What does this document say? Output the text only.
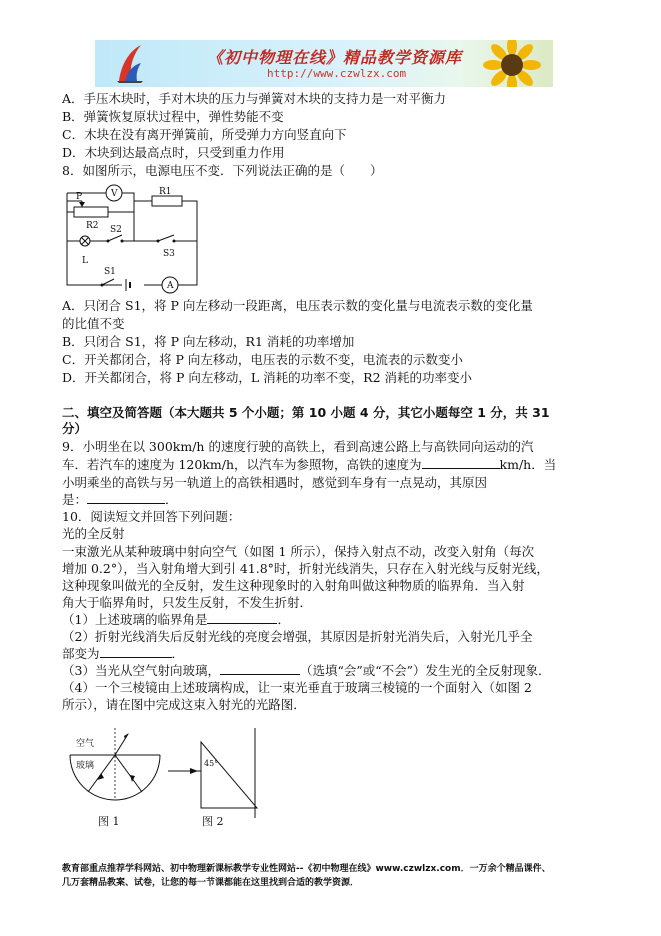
《初中物理在线》精品教学资源库
http://www.czwlzx.com
A．手压木块时，手对木块的压力与弹簧对木块的支持力是一对平衡力
B．弹簧恢复原状过程中，弹性势能不变
C．木块在没有离开弹簧前，所受弹力方向竖直向下
D．木块到达最高点时，只受到重力作用
8．如图所示，电源电压不变．下列说法正确的是（　　）
V
A
P	R1
R2 S2
S3
L
S1
A．只闭合 S1，将 P 向左移动一段距离，电压表示数的变化量与电流表示数的变化量
的比值不变
B．只闭合 S1，将 P 向左移动，R1 消耗的功率增加
C．开关都闭合，将 P 向左移动，电压表的示数不变，电流表的示数变小
D．开关都闭合，将 P 向左移动，L 消耗的功率不变，R2 消耗的功率变小
二、填空及简答题（本大题共 5 个小题；第 10 小题 4 分，其它小题每空 1 分，共 31
分）
9．小明坐在以 300km/h 的速度行驶的高铁上，看到高速公路上与高铁同向运动的汽
车．若汽车的速度为 120km/h，以汽车为参照物，高铁的速度为	km/h．当
小明乘坐的高铁与另一轨道上的高铁相遇时，感觉到车身有一点晃动，其原因
是：	．
10．阅读短文并回答下列问题：
光的全反射
一束激光从某种玻璃中射向空气（如图 1 所示），保持入射点不动，改变入射角（每次
增加 0.2°），当入射角增大到引 41.8°时，折射光线消失，只存在入射光线与反射光线，
这种现象叫做光的全反射，发生这种现象时的入射角叫做这种物质的临界角．当入射
角大于临界角时，只发生反射，不发生折射．
（1）上述玻璃的临界角是	．
（2）折射光线消失后反射光线的亮度会增强，其原因是折射光消失后，入射光几乎全
部变为	．
（3）当光从空气射向玻璃，	（选填“会”或“不会”）发生光的全反射现象．
（4）一个三棱镜由上述玻璃构成，让一束光垂直于玻璃三棱镜的一个面射入（如图 2
所示），请在图中完成这束入射光的光路图．
空气
玻璃
图 1
45°
图 2
教育部重点推荐学科网站、初中物理新课标教学专业性网站--《初中物理在线》www.czwlzx.com．一万余个精品课件、
几万套精品教案、试卷，让您的每一节课都能在这里找到合适的教学资源．
